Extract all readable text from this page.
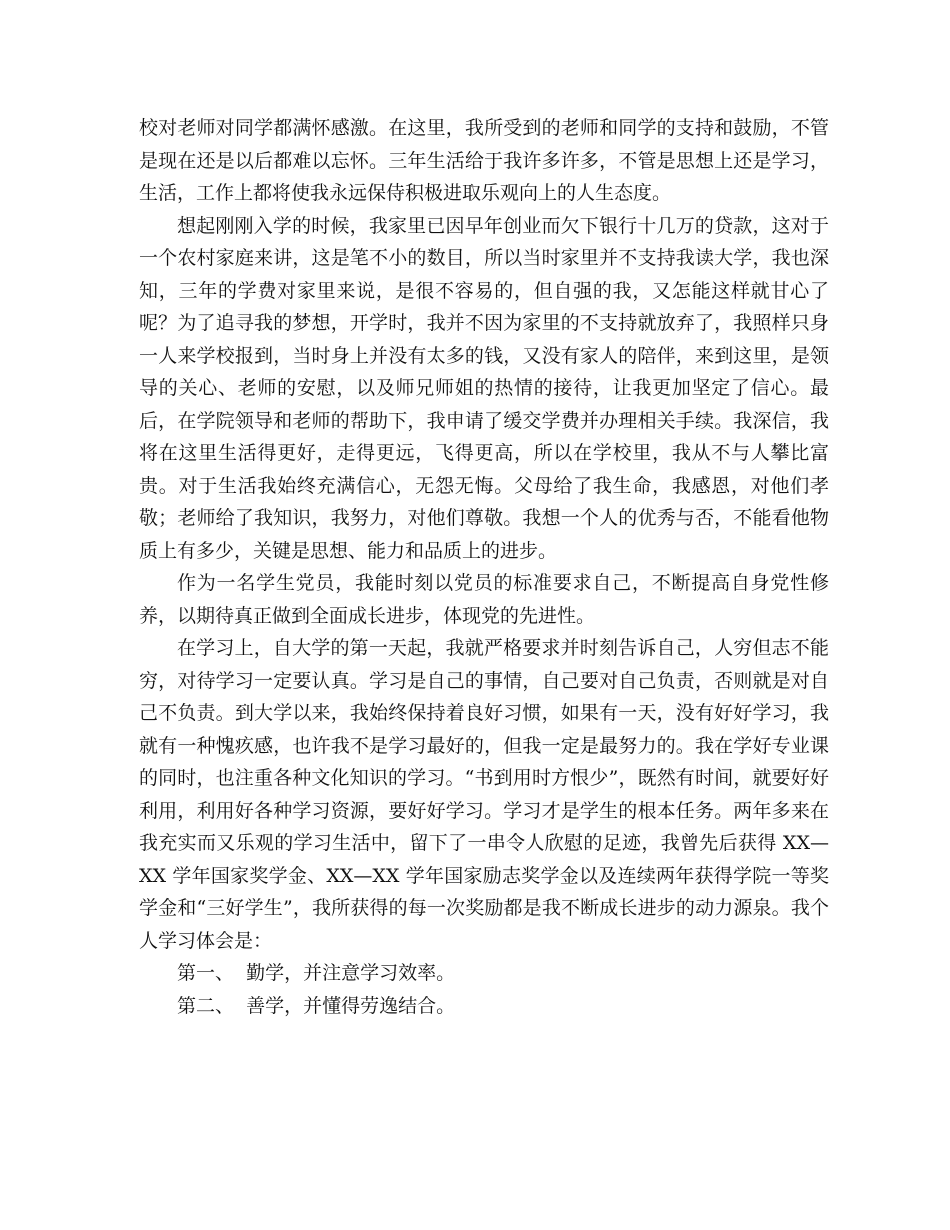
校对老师对同学都满怀感激。在这里，我所受到的老师和同学的支持和鼓励，不管是现在还是以后都难以忘怀。三年生活给于我许多许多，不管是思想上还是学习，生活，工作上都将使我永远保侍积极进取乐观向上的人生态度。

想起刚刚入学的时候，我家里已因早年创业而欠下银行十几万的贷款，这对于一个农村家庭来讲，这是笔不小的数目，所以当时家里并不支持我读大学，我也深知，三年的学费对家里来说，是很不容易的，但自强的我，又怎能这样就甘心了呢？为了追寻我的梦想，开学时，我并不因为家里的不支持就放弃了，我照样只身一人来学校报到，当时身上并没有太多的钱，又没有家人的陪伴，来到这里，是领导的关心、老师的安慰，以及师兄师姐的热情的接待，让我更加坚定了信心。最后，在学院领导和老师的帮助下，我申请了缓交学费并办理相关手续。我深信，我将在这里生活得更好，走得更远，飞得更高，所以在学校里，我从不与人攀比富贵。对于生活我始终充满信心，无怨无悔。父母给了我生命，我感恩，对他们孝敬；老师给了我知识，我努力，对他们尊敬。我想一个人的优秀与否，不能看他物质上有多少，关键是思想、能力和品质上的进步。

作为一名学生党员，我能时刻以党员的标准要求自己，不断提高自身党性修养，以期待真正做到全面成长进步，体现党的先进性。

在学习上，自大学的第一天起，我就严格要求并时刻告诉自己，人穷但志不能穷，对待学习一定要认真。学习是自己的事情，自己要对自己负责，否则就是对自己不负责。到大学以来，我始终保持着良好习惯，如果有一天，没有好好学习，我就有一种愧疚感，也许我不是学习最好的，但我一定是最努力的。我在学好专业课的同时，也注重各种文化知识的学习。“书到用时方恨少”，既然有时间，就要好好利用，利用好各种学习资源，要好好学习。学习才是学生的根本任务。两年多来在我充实而又乐观的学习生活中，留下了一串令人欣慰的足迹，我曾先后获得 XX—XX 学年国家奖学金、XX—XX 学年国家励志奖学金以及连续两年获得学院一等奖学金和“三好学生”，我所获得的每一次奖励都是我不断成长进步的动力源泉。我个人学习体会是：

第一、  勤学，并注意学习效率。

第二、  善学，并懂得劳逸结合。
